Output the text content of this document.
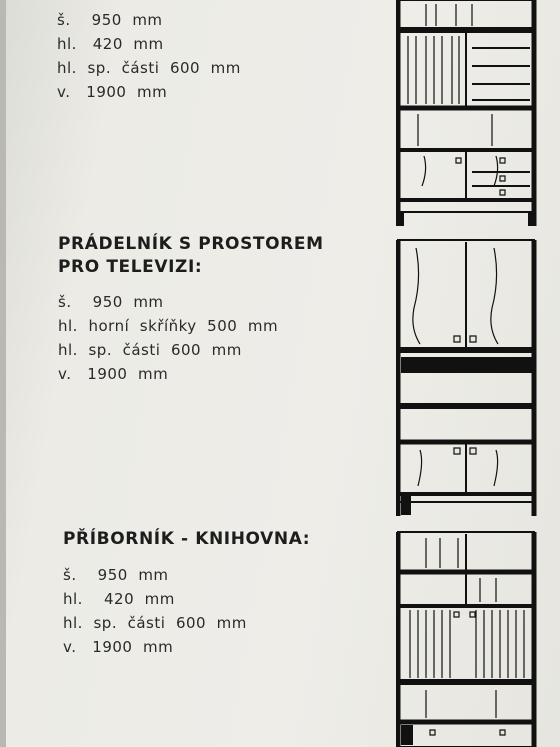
š.    950  mm
hl.   420  mm
hl.  sp.  části  600  mm
v.   1900  mm
PRÁDELNÍK S PROSTOREM
PRO TELEVIZI:
š.    950  mm
hl.  horní  skříňky  500  mm
hl.  sp.  části  600  mm
v.   1900  mm
PŘÍBORNÍK - KNIHOVNA:
š.    950  mm
hl.    420  mm
hl.  sp.  části  600  mm
v.   1900  mm
